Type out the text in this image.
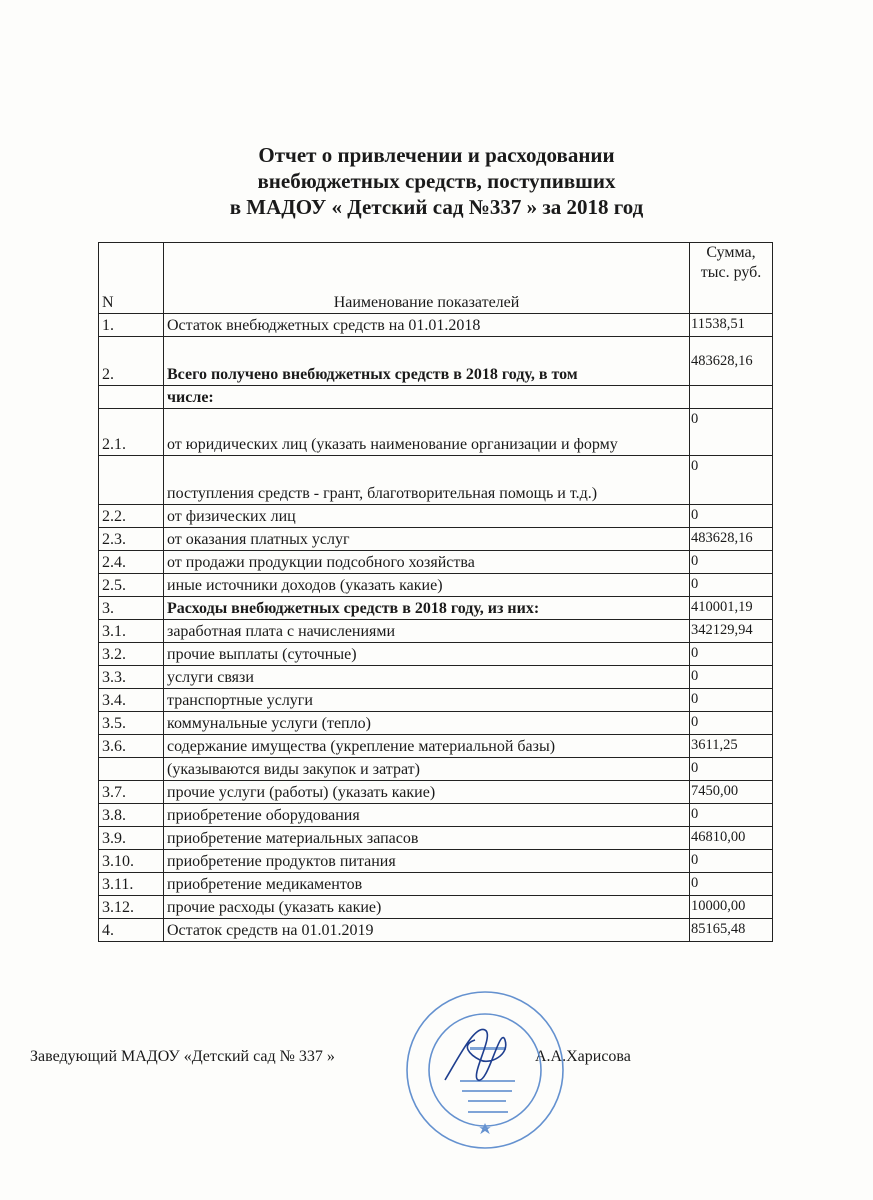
Отчет о привлечении и расходовании
внебюджетных средств, поступивших
в МАДОУ « Детский сад №337 » за 2018 год
N	Наименование показателей	Сумма, тыс. руб.
1.	Остаток внебюджетных средств на 01.01.2018	11538,51
2.	Всего получено внебюджетных средств в 2018 году, в том	483628,16
	числе:	
2.1.	от юридических лиц (указать наименование организации и форму	0
	поступления средств - грант, благотворительная помощь и т.д.)	0
2.2.	от физических лиц	0
2.3.	от оказания платных услуг	483628,16
2.4.	от продажи продукции подсобного хозяйства	0
2.5.	иные источники доходов (указать какие)	0
3.	Расходы внебюджетных средств в 2018 году, из них:	410001,19
3.1.	заработная плата с начислениями	342129,94
3.2.	прочие выплаты (суточные)	0
3.3.	услуги связи	0
3.4.	транспортные услуги	0
3.5.	коммунальные услуги (тепло)	0
3.6.	содержание имущества (укрепление материальной базы)	3611,25
	(указываются виды закупок и затрат)	0
3.7.	прочие услуги (работы) (указать какие)	7450,00
3.8.	приобретение оборудования	0
3.9.	приобретение материальных запасов	46810,00
3.10.	приобретение продуктов питания	0
3.11.	приобретение медикаментов	0
3.12.	прочие расходы (указать какие)	10000,00
4.	Остаток средств на 01.01.2019	85165,48
Заведующий МАДОУ «Детский сад № 337 »	А.А.Харисова
